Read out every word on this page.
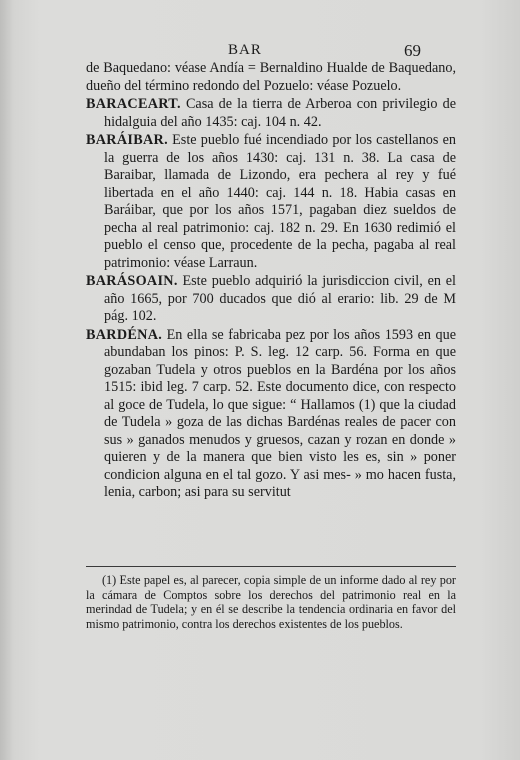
BAR	69

de Baquedano: véase Andía = Bernaldino Hualde de Baquedano, dueño del término redondo del Pozuelo: véase Pozuelo.

BARACEART. Casa de la tierra de Arberoa con privilegio de hidalguia del año 1435: caj. 104 n. 42.

BARÁIBAR. Este pueblo fué incendiado por los castellanos en la guerra de los años 1430: caj. 131 n. 38. La casa de Baraibar, llamada de Lizondo, era pechera al rey y fué libertada en el año 1440: caj. 144 n. 18. Habia casas en Baráibar, que por los años 1571, pagaban diez sueldos de pecha al real patrimonio: caj. 182 n. 29. En 1630 redimió el pueblo el censo que, procedente de la pecha, pagaba al real patrimonio: véase Larraun.

BARÁSOAIN. Este pueblo adquirió la jurisdiccion civil, en el año 1665, por 700 ducados que dió al erario: lib. 29 de M pág. 102.

BARDÉNA. En ella se fabricaba pez por los años 1593 en que abundaban los pinos: P. S. leg. 12 carp. 56. Forma en que gozaban Tudela y otros pueblos en la Bardéna por los años 1515: ibid leg. 7 carp. 52. Este documento dice, con respecto al goce de Tudela, lo que sigue: “ Hallamos (1) que la ciudad de Tudela » goza de las dichas Bardénas reales de pacer con sus » ganados menudos y gruesos, cazan y rozan en donde » quieren y de la manera que bien visto les es, sin » poner condicion alguna en el tal gozo. Y asi mes- » mo hacen fusta, lenia, carbon; asi para su servitut

(1) Este papel es, al parecer, copia simple de un informe dado al rey por la cámara de Comptos sobre los derechos del patrimonio real en la merindad de Tudela; y en él se describe la tendencia ordinaria en favor del mismo patrimonio, contra los derechos existentes de los pueblos.
